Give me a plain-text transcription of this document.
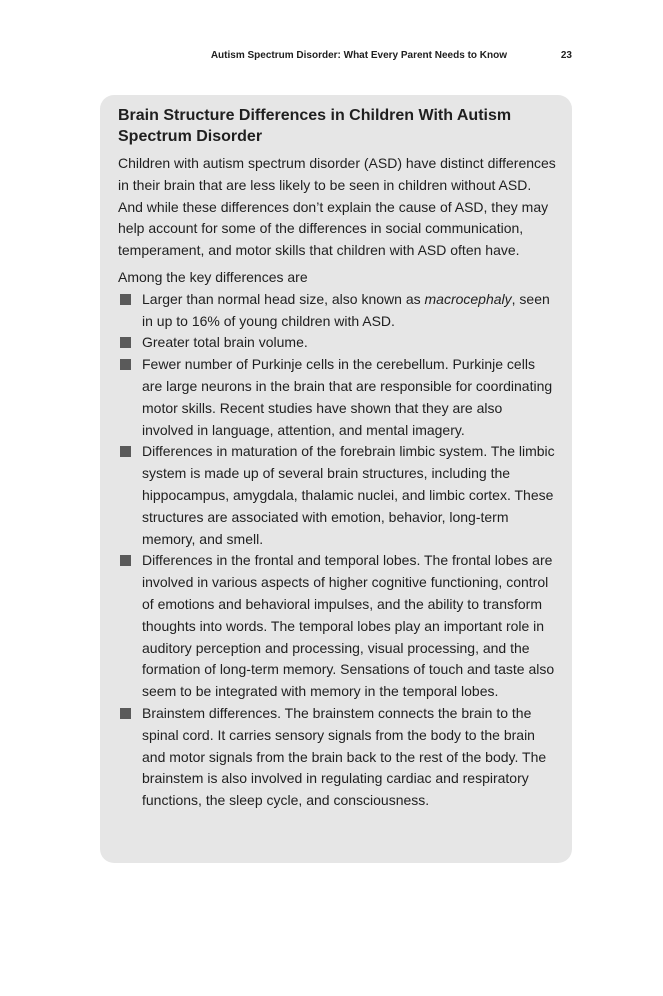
Autism Spectrum Disorder: What Every Parent Needs to Know	23
Brain Structure Differences in Children With Autism Spectrum Disorder

Children with autism spectrum disorder (ASD) have distinct differences in their brain that are less likely to be seen in children without ASD. And while these differences don’t explain the cause of ASD, they may help account for some of the differences in social communication, temperament, and motor skills that children with ASD often have.

Among the key differences are

Larger than normal head size, also known as macrocephaly, seen in up to 16% of young children with ASD.
Greater total brain volume.
Fewer number of Purkinje cells in the cerebellum. Purkinje cells are large neurons in the brain that are responsible for coordinating motor skills. Recent studies have shown that they are also involved in language, attention, and mental imagery.
Differences in maturation of the forebrain limbic system. The limbic system is made up of several brain structures, including the hippocampus, amygdala, thalamic nuclei, and limbic cortex. These structures are associated with emotion, behavior, long-term memory, and smell.
Differences in the frontal and temporal lobes. The frontal lobes are involved in various aspects of higher cognitive functioning, control of emotions and behavioral impulses, and the ability to transform thoughts into words. The temporal lobes play an important role in auditory perception and processing, visual processing, and the formation of long-term memory. Sensations of touch and taste also seem to be integrated with memory in the temporal lobes.
Brainstem differences. The brainstem connects the brain to the spinal cord. It carries sensory signals from the body to the brain and motor signals from the brain back to the rest of the body. The brainstem is also involved in regulating cardiac and respiratory functions, the sleep cycle, and consciousness.
